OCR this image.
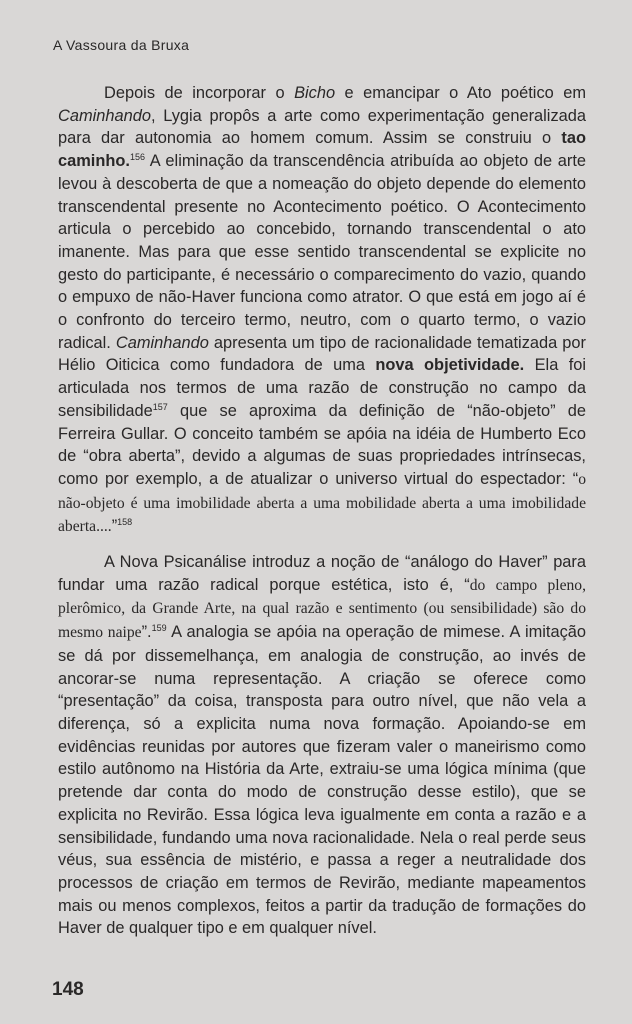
A Vassoura da Bruxa

Depois de incorporar o Bicho e emancipar o Ato poético em Caminhando, Lygia propôs a arte como experimentação generalizada para dar autonomia ao homem comum. Assim se construiu o tao caminho.$^{156}$ A eliminação da transcendência atribuída ao objeto de arte levou à descoberta de que a nomeação do objeto depende do elemento transcendental presente no Acontecimento poético. O Acontecimento articula o percebido ao concebido, tornando transcendental o ato imanente. Mas para que esse sentido transcendental se explicite no gesto do participante, é necessário o comparecimento do vazio, quando o empuxo de não-Haver funciona como atrator. O que está em jogo aí é o confronto do terceiro termo, neutro, com o quarto termo, o vazio radical. Caminhando apresenta um tipo de racionalidade tematizada por Hélio Oiticica como fundadora de uma nova objetividade. Ela foi articulada nos termos de uma razão de construção no campo da sensibilidade$^{157}$ que se aproxima da definição de “não-objeto” de Ferreira Gullar. O conceito também se apóia na idéia de Humberto Eco de “obra aberta”, devido a algumas de suas propriedades intrínsecas, como por exemplo, a de atualizar o universo virtual do espectador: “o não-objeto é uma imobilidade aberta a uma mobilidade aberta a uma imobilidade aberta....”$^{158}$

A Nova Psicanálise introduz a noção de “análogo do Haver” para fundar uma razão radical porque estética, isto é, “do campo pleno, plerômico, da Grande Arte, na qual razão e sentimento (ou sensibilidade) são do mesmo naipe”.$^{159}$ A analogia se apóia na operação de mimese. A imitação se dá por dissemelhança, em analogia de construção, ao invés de ancorar-se numa representação. A criação se oferece como “presentação” da coisa, transposta para outro nível, que não vela a diferença, só a explicita numa nova formação. Apoiando-se em evidências reunidas por autores que fizeram valer o maneirismo como estilo autônomo na História da Arte, extraiu-se uma lógica mínima (que pretende dar conta do modo de construção desse estilo), que se explicita no Revirão. Essa lógica leva igualmente em conta a razão e a sensibilidade, fundando uma nova racionalidade. Nela o real perde seus véus, sua essência de mistério, e passa a reger a neutralidade dos processos de criação em termos de Revirão, mediante mapeamentos mais ou menos complexos, feitos a partir da tradução de formações do Haver de qualquer tipo e em qualquer nível.

148
